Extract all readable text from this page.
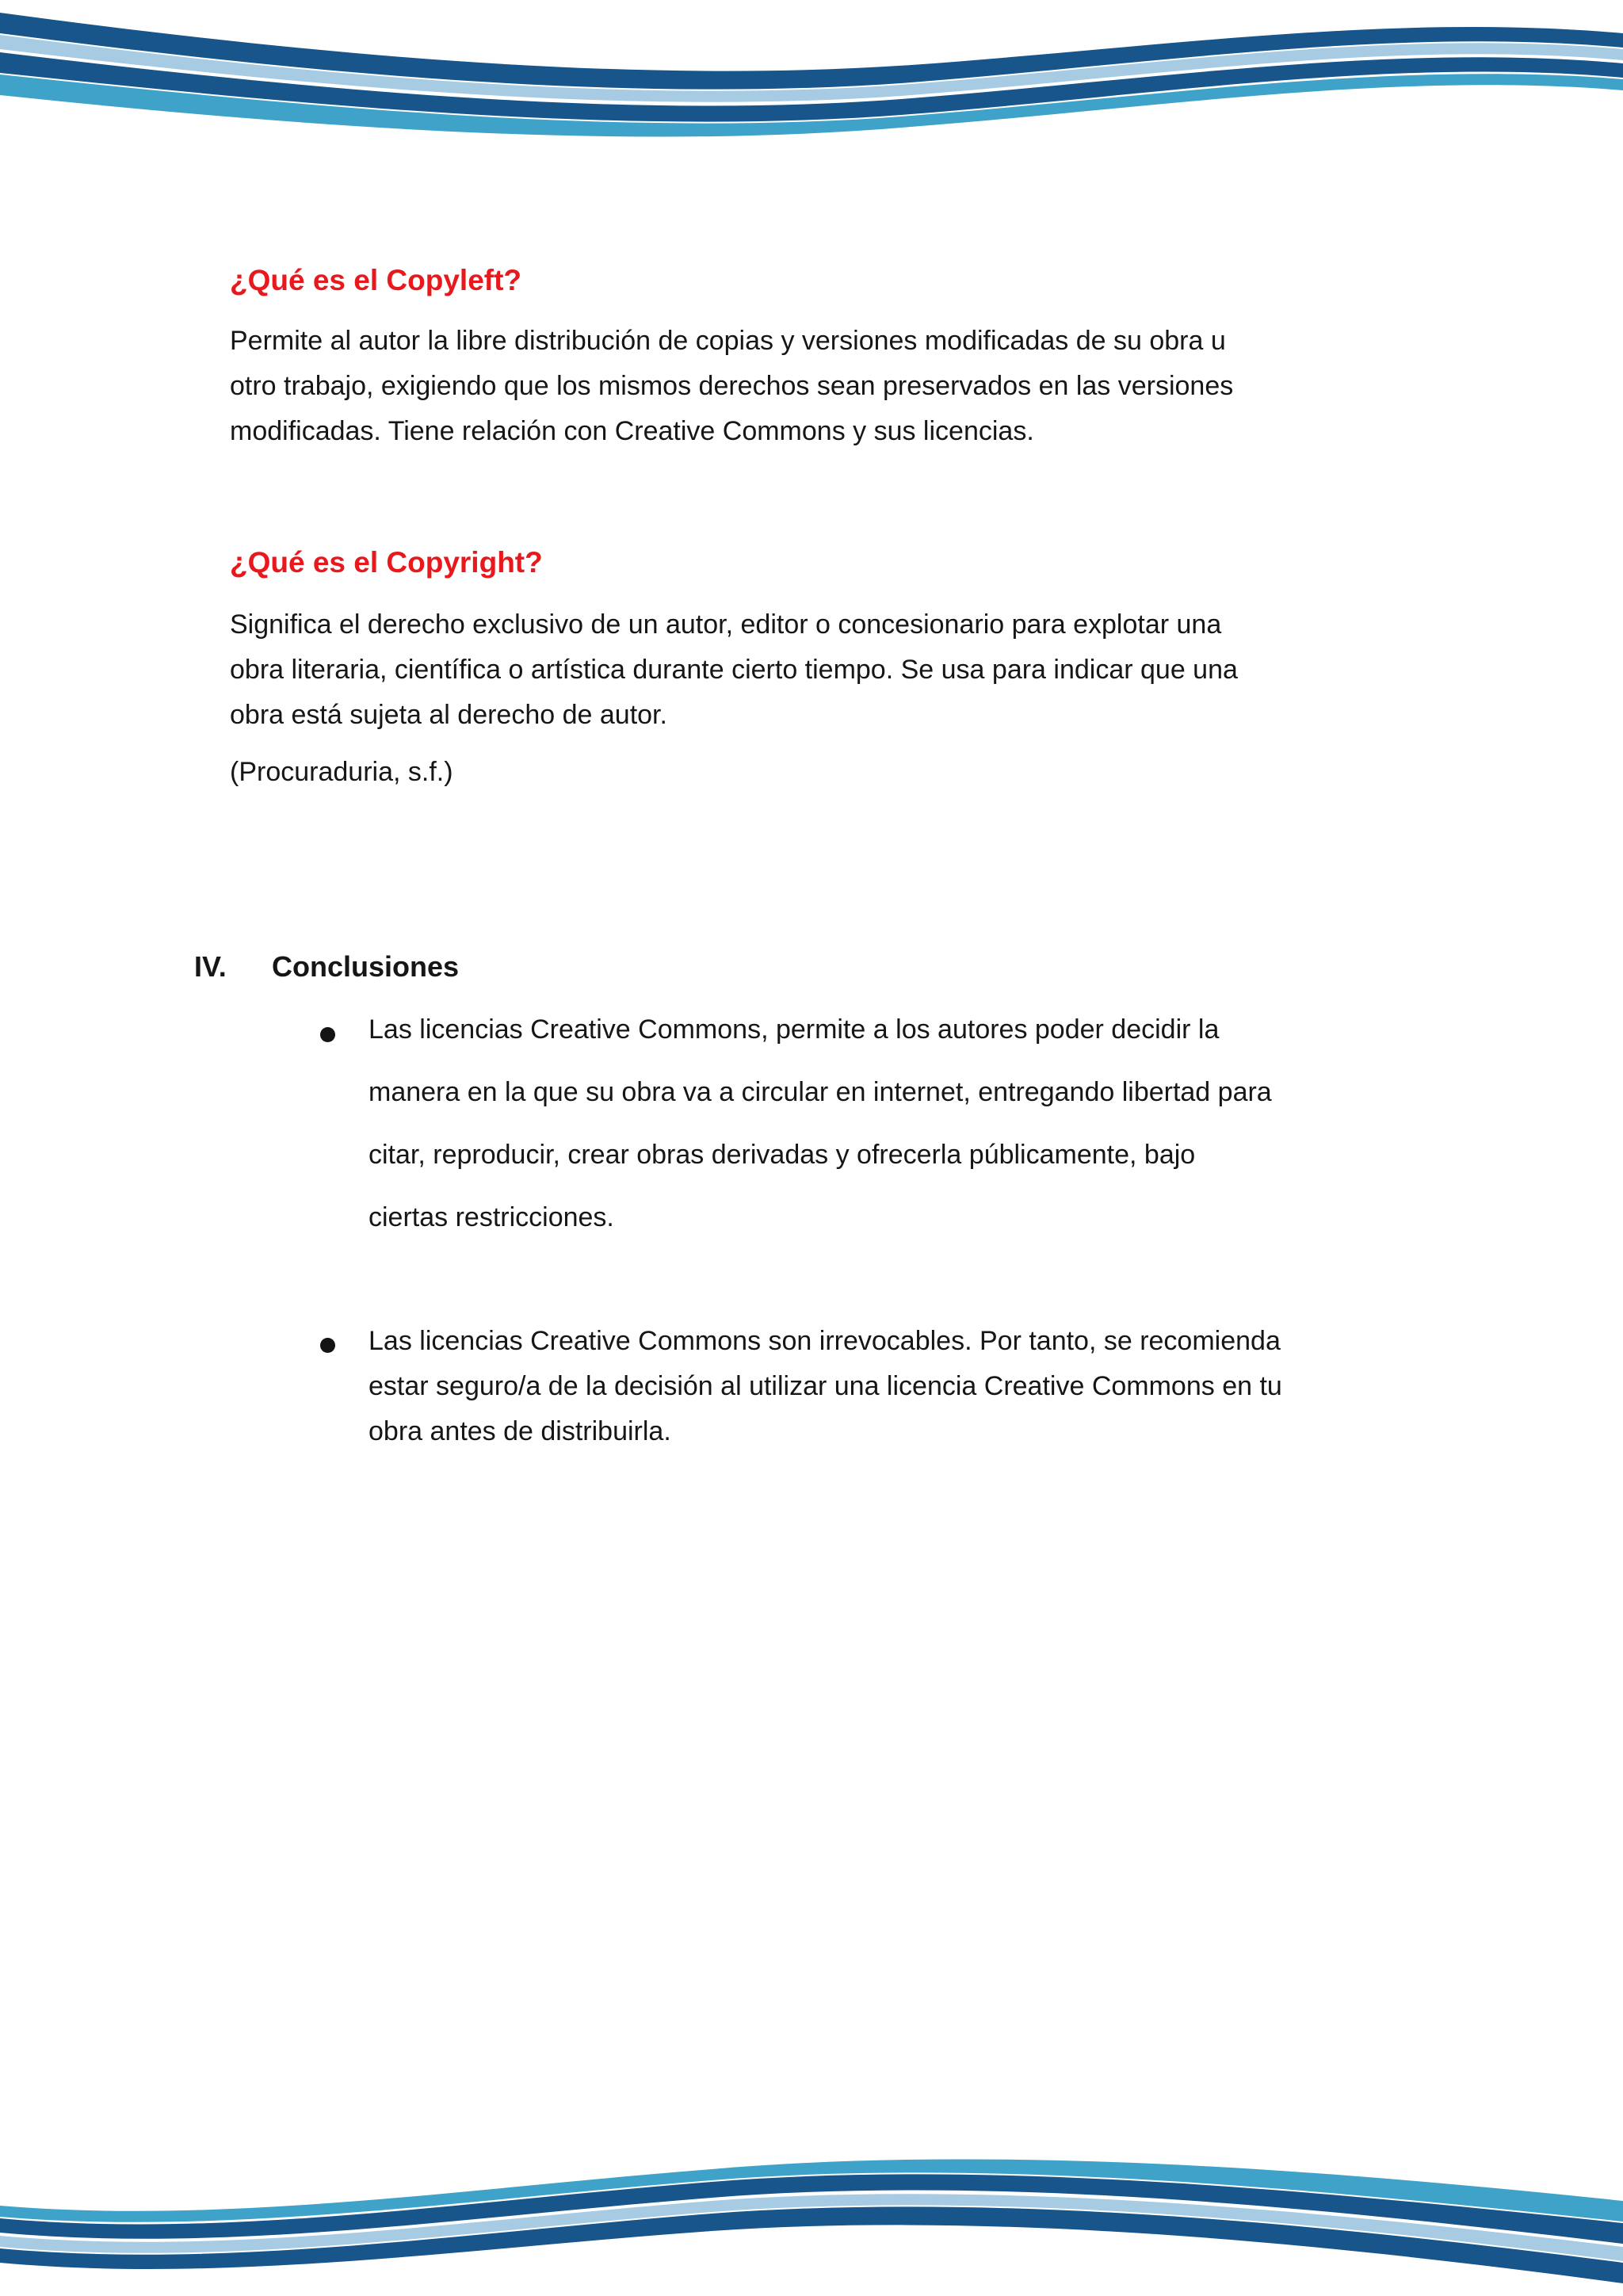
¿Qué es el Copyleft?
Permite al autor la libre distribución de copias y versiones modificadas de su obra u
otro trabajo, exigiendo que los mismos derechos sean preservados en las versiones
modificadas. Tiene relación con Creative Commons y sus licencias.
¿Qué es el Copyright?
Significa el derecho exclusivo de un autor, editor o concesionario para explotar una
obra literaria, científica o artística durante cierto tiempo. Se usa para indicar que una
obra está sujeta al derecho de autor.
(Procuraduria, s.f.)
IV. Conclusiones
Las licencias Creative Commons, permite a los autores poder decidir la
manera en la que su obra va a circular en internet, entregando libertad para
citar, reproducir, crear obras derivadas y ofrecerla públicamente, bajo
ciertas restricciones.
Las licencias Creative Commons son irrevocables. Por tanto, se recomienda
estar seguro/a de la decisión al utilizar una licencia Creative Commons en tu
obra antes de distribuirla.
